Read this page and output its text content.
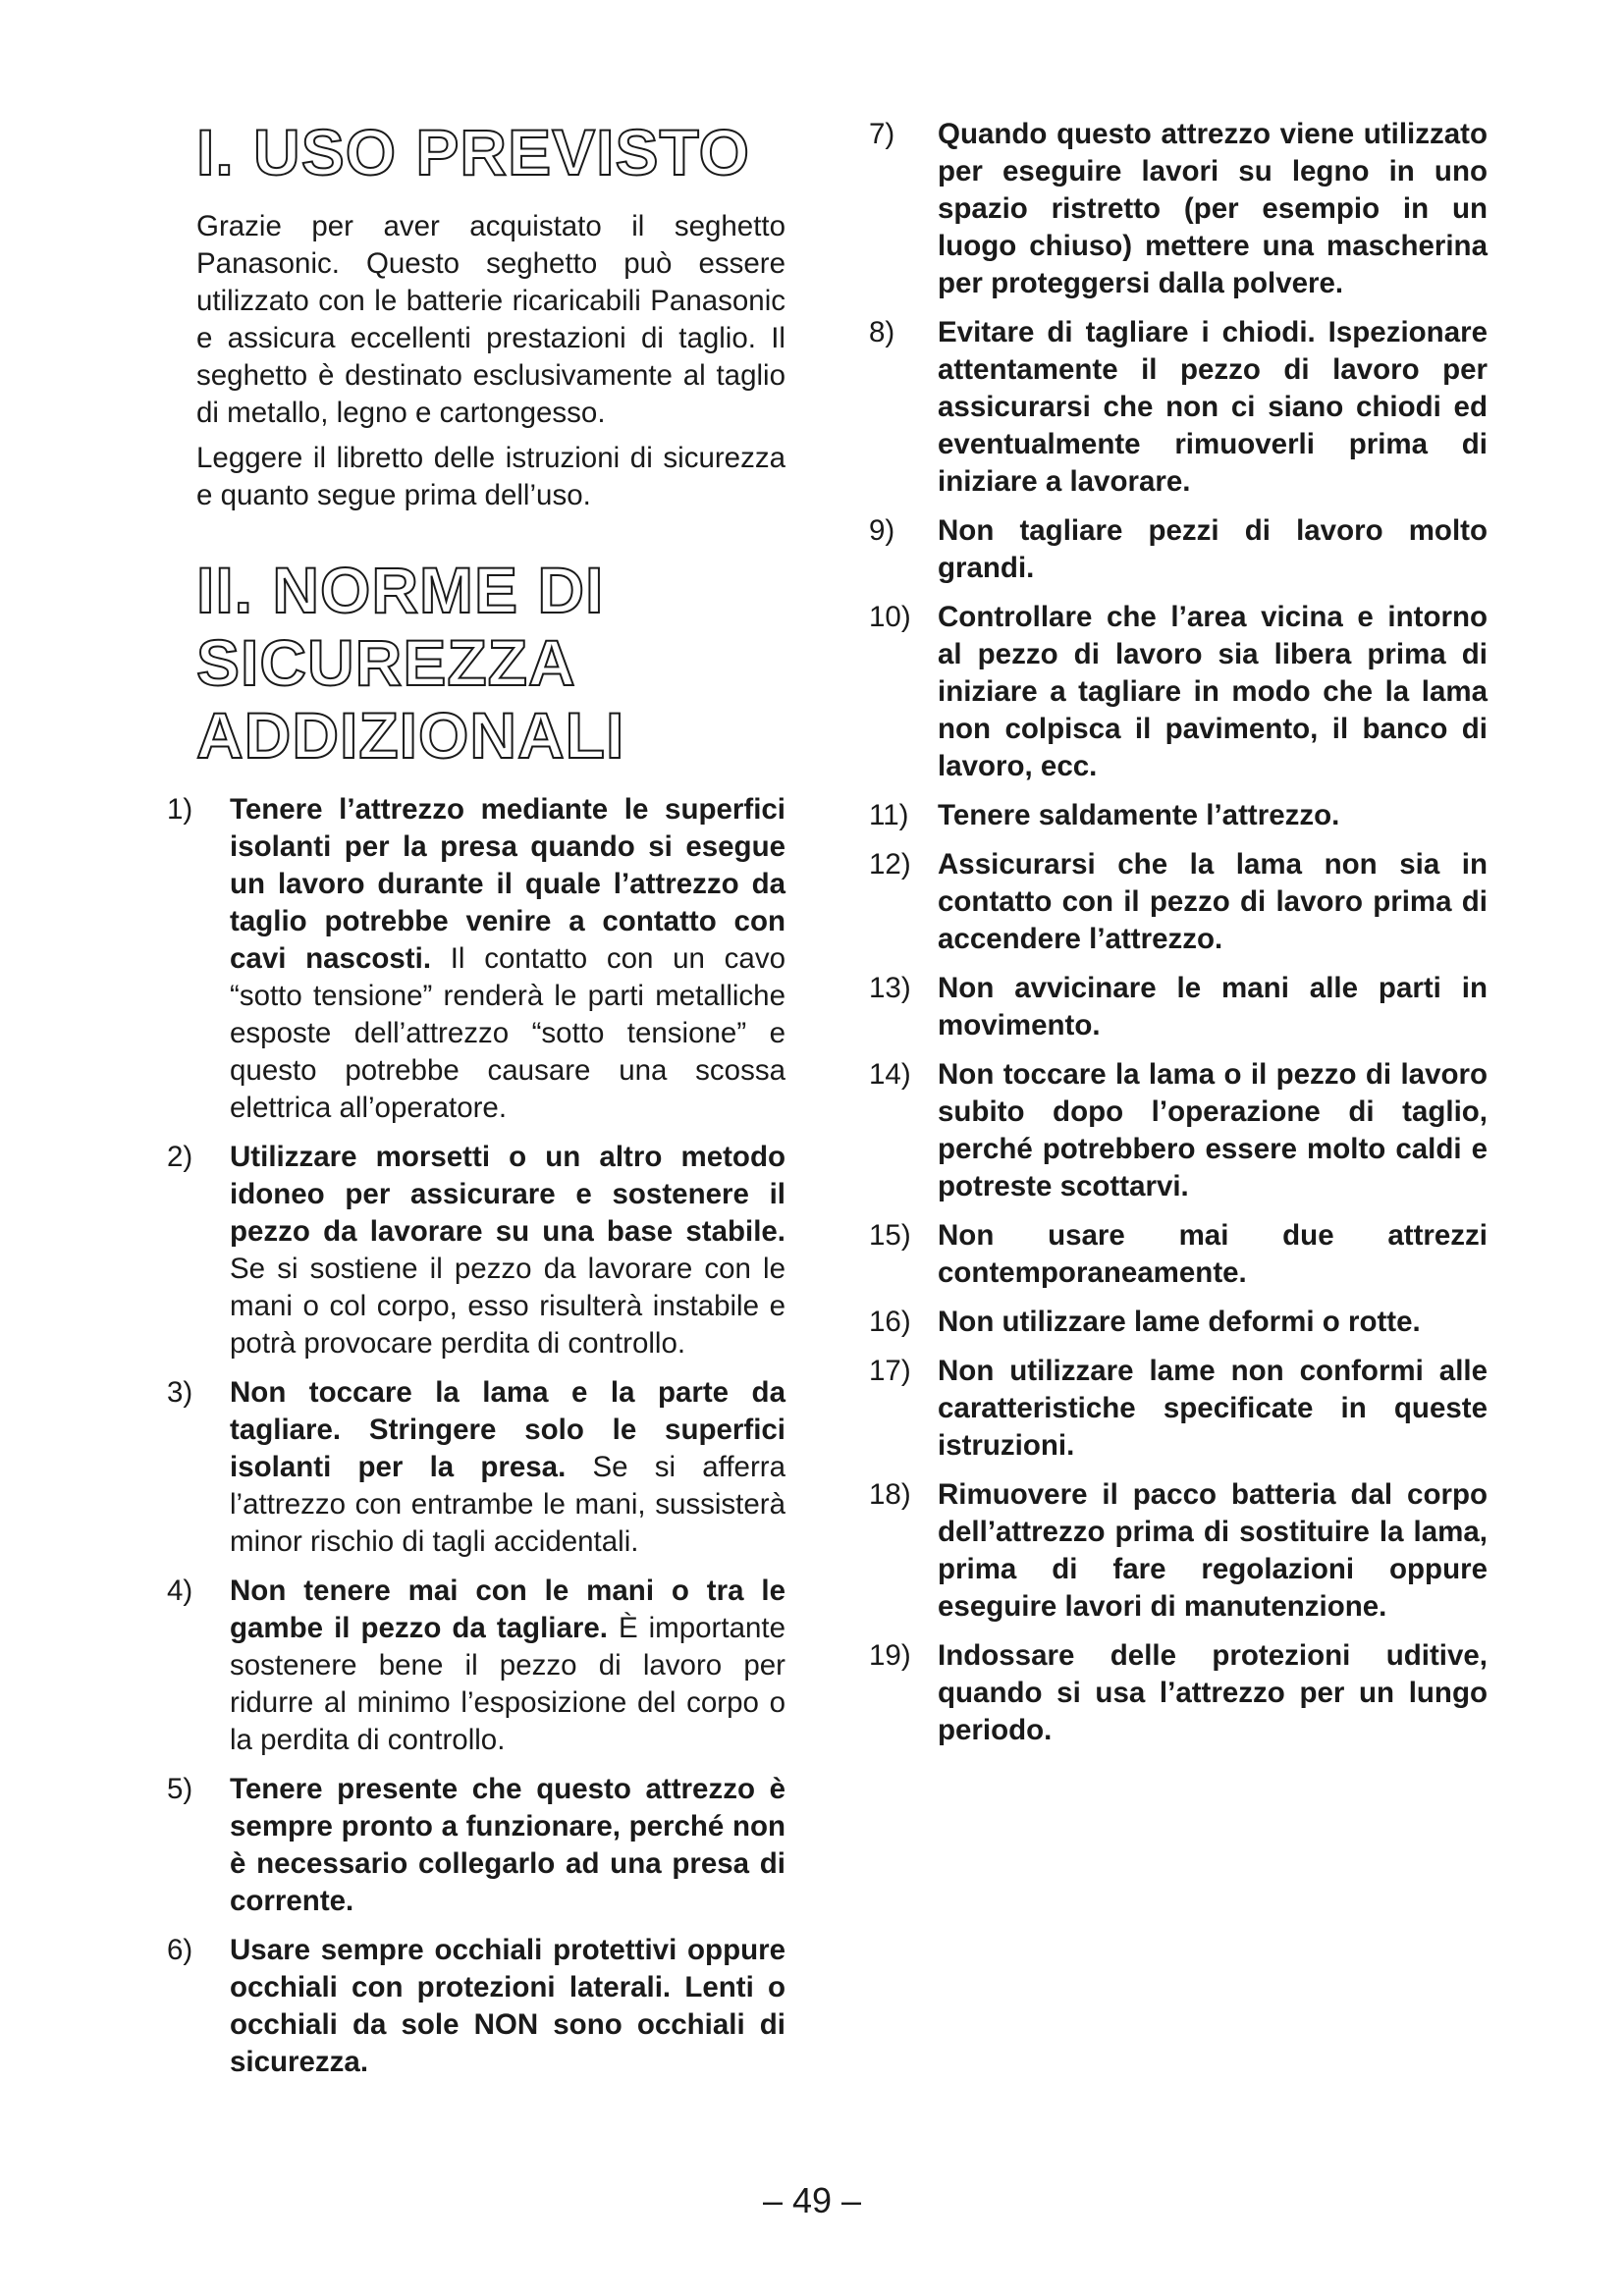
I. USO PREVISTO

Grazie per aver acquistato il seghetto Panasonic. Questo seghetto può essere utilizzato con le batterie ricaricabili Panasonic e assicura eccellenti prestazioni di taglio. Il seghetto è destinato esclusivamente al taglio di metallo, legno e cartongesso.

Leggere il libretto delle istruzioni di sicurezza e quanto segue prima dell’uso.

II. NORME DI SICUREZZA ADDIZIONALI
1) Tenere l’attrezzo mediante le superfici isolanti per la presa quando si esegue un lavoro durante il quale l’attrezzo da taglio potrebbe venire a contatto con cavi nascosti. Il contatto con un cavo “sotto tensione” renderà le parti metalliche esposte dell’attrezzo “sotto tensione” e questo potrebbe causare una scossa elettrica all’operatore.
2) Utilizzare morsetti o un altro metodo idoneo per assicurare e sostenere il pezzo da lavorare su una base stabile. Se si sostiene il pezzo da lavorare con le mani o col corpo, esso risulterà instabile e potrà provocare perdita di controllo.
3) Non toccare la lama e la parte da tagliare. Stringere solo le superfici isolanti per la presa. Se si afferra l’attrezzo con entrambe le mani, sussisterà minor rischio di tagli accidentali.
4) Non tenere mai con le mani o tra le gambe il pezzo da tagliare. È importante sostenere bene il pezzo di lavoro per ridurre al minimo l’esposizione del corpo o la perdita di controllo.
5) Tenere presente che questo attrezzo è sempre pronto a funzionare, perché non è necessario collegarlo ad una presa di corrente.
6) Usare sempre occhiali protettivi oppure occhiali con protezioni laterali. Lenti o occhiali da sole NON sono occhiali di sicurezza.
7) Quando questo attrezzo viene utilizzato per eseguire lavori su legno in uno spazio ristretto (per esempio in un luogo chiuso) mettere una mascherina per proteggersi dalla polvere.
8) Evitare di tagliare i chiodi. Ispezionare attentamente il pezzo di lavoro per assicurarsi che non ci siano chiodi ed eventualmente rimuoverli prima di iniziare a lavorare.
9) Non tagliare pezzi di lavoro molto grandi.
10) Controllare che l’area vicina e intorno al pezzo di lavoro sia libera prima di iniziare a tagliare in modo che la lama non colpisca il pavimento, il banco di lavoro, ecc.
11) Tenere saldamente l’attrezzo.
12) Assicurarsi che la lama non sia in contatto con il pezzo di lavoro prima di accendere l’attrezzo.
13) Non avvicinare le mani alle parti in movimento.
14) Non toccare la lama o il pezzo di lavoro subito dopo l’operazione di taglio, perché potrebbero essere molto caldi e potreste scottarvi.
15) Non usare mai due attrezzi contemporaneamente.
16) Non utilizzare lame deformi o rotte.
17) Non utilizzare lame non conformi alle caratteristiche specificate in queste istruzioni.
18) Rimuovere il pacco batteria dal corpo dell’attrezzo prima di sostituire la lama, prima di fare regolazioni oppure eseguire lavori di manutenzione.
19) Indossare delle protezioni uditive, quando si usa l’attrezzo per un lungo periodo.
– 49 –
